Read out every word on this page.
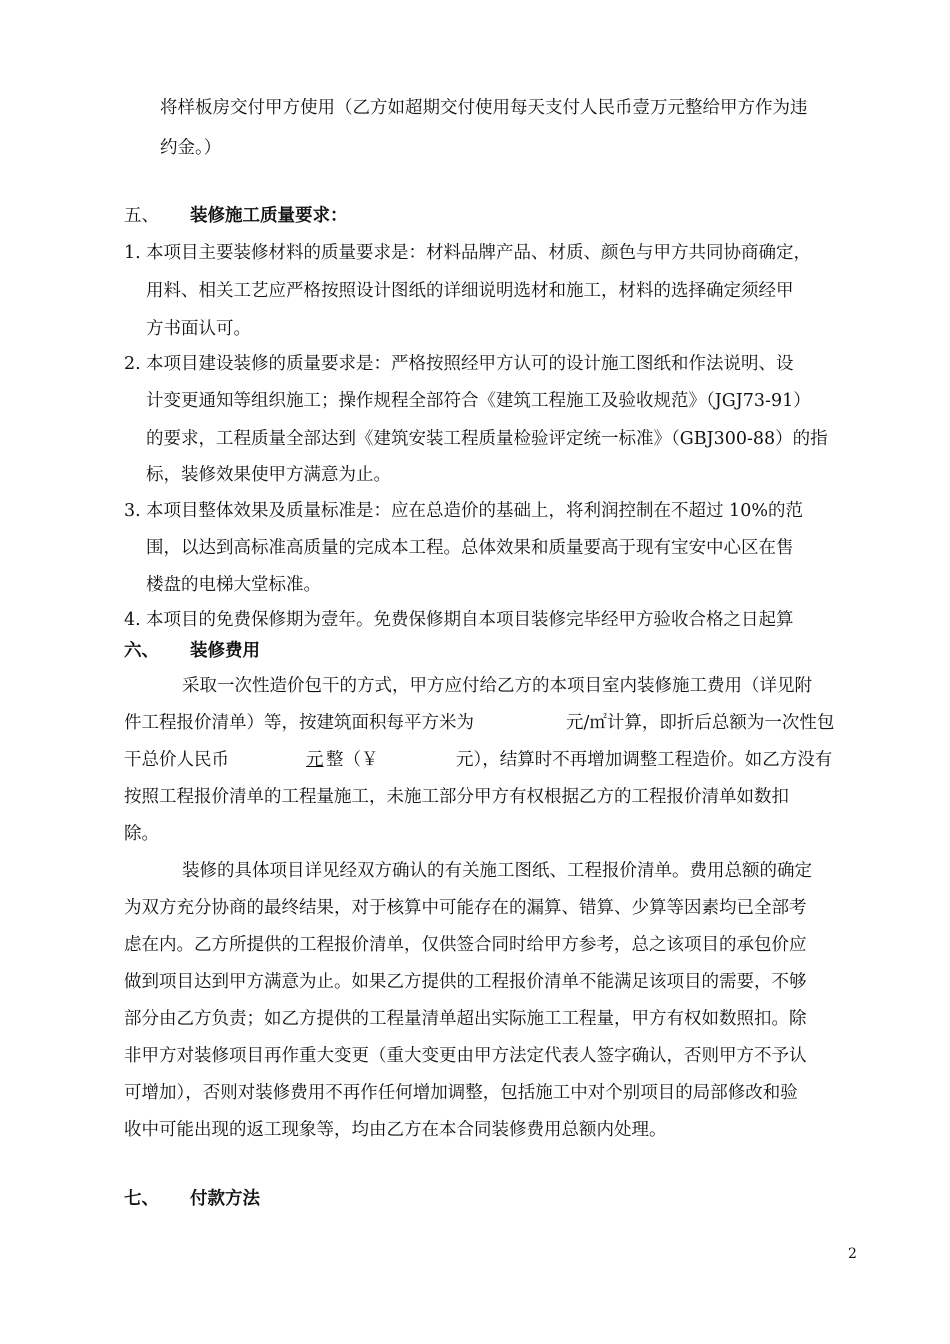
将样板房交付甲方使用（乙方如超期交付使用每天支付人民币壹万元整给甲方作为违
约金。）
五、 装修施工质量要求：
1. 本项目主要装修材料的质量要求是：材料品牌产品、材质、颜色与甲方共同协商确定，
用料、相关工艺应严格按照设计图纸的详细说明选材和施工，材料的选择确定须经甲
方书面认可。
2. 本项目建设装修的质量要求是：严格按照经甲方认可的设计施工图纸和作法说明、设
计变更通知等组织施工；操作规程全部符合《建筑工程施工及验收规范》（JGJ73-91）
的要求，工程质量全部达到《建筑安装工程质量检验评定统一标准》（GBJ300-88）的指
标，装修效果使甲方满意为止。
3. 本项目整体效果及质量标准是：应在总造价的基础上，将利润控制在不超过 10%的范
围，以达到高标准高质量的完成本工程。总体效果和质量要高于现有宝安中心区在售
楼盘的电梯大堂标准。
4. 本项目的免费保修期为壹年。免费保修期自本项目装修完毕经甲方验收合格之日起算
六、 装修费用
采取一次性造价包干的方式，甲方应付给乙方的本项目室内装修施工费用（详见附
件工程报价清单）等，按建筑面积每平方米为	元/㎡计算，即折后总额为一次性包
干总价人民币	元 整（￥	元），结算时不再增加调整工程造价。如乙方没有
按照工程报价清单的工程量施工，未施工部分甲方有权根据乙方的工程报价清单如数扣
除。
装修的具体项目详见经双方确认的有关施工图纸、工程报价清单。费用总额的确定
为双方充分协商的最终结果，对于核算中可能存在的漏算、错算、少算等因素均已全部考
虑在内。乙方所提供的工程报价清单，仅供签合同时给甲方参考，总之该项目的承包价应
做到项目达到甲方满意为止。如果乙方提供的工程报价清单不能满足该项目的需要，不够
部分由乙方负责；如乙方提供的工程量清单超出实际施工工程量，甲方有权如数照扣。除
非甲方对装修项目再作重大变更（重大变更由甲方法定代表人签字确认，否则甲方不予认
可增加），否则对装修费用不再作任何增加调整，包括施工中对个别项目的局部修改和验
收中可能出现的返工现象等，均由乙方在本合同装修费用总额内处理。
七、 付款方法
2
